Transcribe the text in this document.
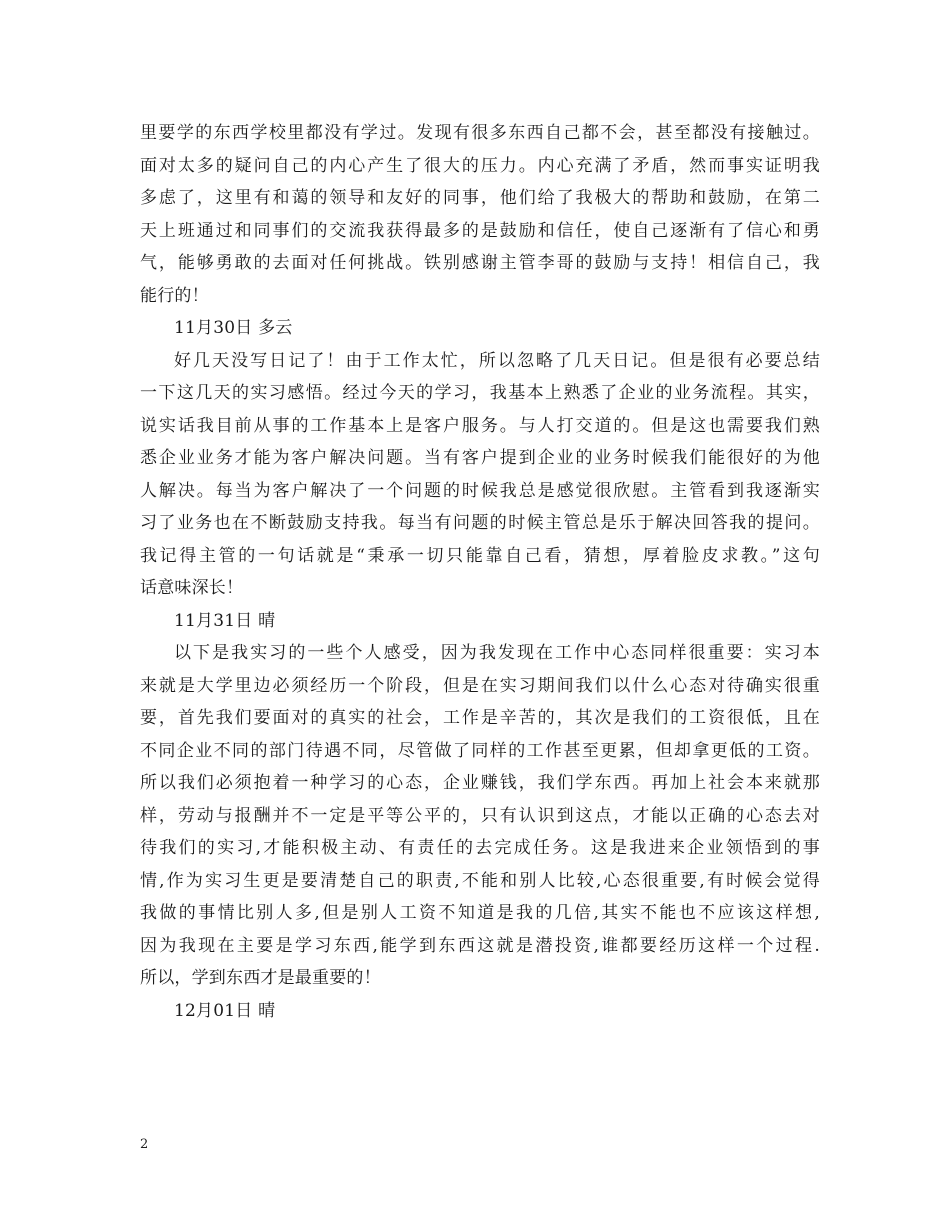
里要学的东西学校里都没有学过。发现有很多东西自己都不会，甚至都没有接触过。
面对太多的疑问自己的内心产生了很大的压力。内心充满了矛盾，然而事实证明我
多虑了，这里有和蔼的领导和友好的同事，他们给了我极大的帮助和鼓励，在第二
天上班通过和同事们的交流我获得最多的是鼓励和信任，使自己逐渐有了信心和勇
气，能够勇敢的去面对任何挑战。铁别感谢主管李哥的鼓励与支持！相信自己，我
能行的！
11月30日 多云
好几天没写日记了！由于工作太忙，所以忽略了几天日记。但是很有必要总结
一下这几天的实习感悟。经过今天的学习，我基本上熟悉了企业的业务流程。其实，
说实话我目前从事的工作基本上是客户服务。与人打交道的。但是这也需要我们熟
悉企业业务才能为客户解决问题。当有客户提到企业的业务时候我们能很好的为他
人解决。每当为客户解决了一个问题的时候我总是感觉很欣慰。主管看到我逐渐实
习了业务也在不断鼓励支持我。每当有问题的时候主管总是乐于解决回答我的提问。
我记得主管的一句话就是“秉承一切只能靠自己看，猜想，厚着脸皮求教。”这句
话意味深长！
11月31日 晴
以下是我实习的一些个人感受，因为我发现在工作中心态同样很重要：实习本
来就是大学里边必须经历一个阶段，但是在实习期间我们以什么心态对待确实很重
要，首先我们要面对的真实的社会，工作是辛苦的，其次是我们的工资很低，且在
不同企业不同的部门待遇不同，尽管做了同样的工作甚至更累，但却拿更低的工资。
所以我们必须抱着一种学习的心态，企业赚钱，我们学东西。再加上社会本来就那
样，劳动与报酬并不一定是平等公平的，只有认识到这点，才能以正确的心态去对
待我们的实习,才能积极主动、有责任的去完成任务。这是我进来企业领悟到的事
情,作为实习生更是要清楚自己的职责,不能和别人比较,心态很重要,有时候会觉得
我做的事情比别人多,但是别人工资不知道是我的几倍,其实不能也不应该这样想,
因为我现在主要是学习东西,能学到东西这就是潜投资,谁都要经历这样一个过程.
所以，学到东西才是最重要的！
12月01日 晴
2
